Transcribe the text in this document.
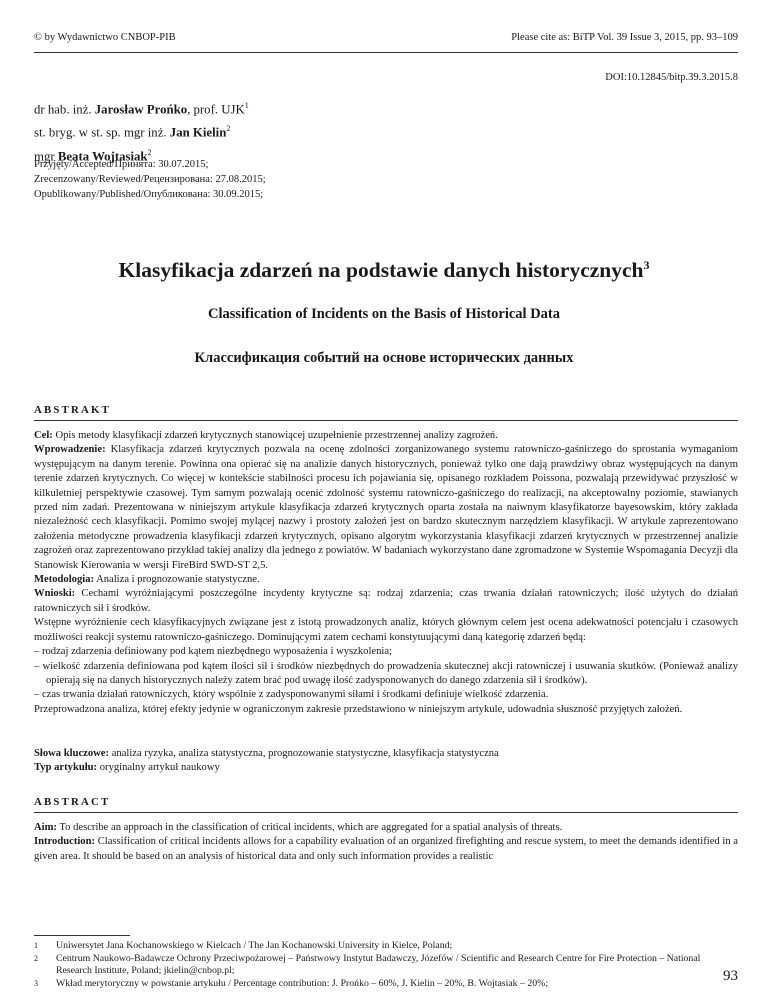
© by Wydawnictwo CNBOP-PIB	Please cite as: BiTP Vol. 39 Issue 3, 2015, pp. 93–109
DOI:10.12845/bitp.39.3.2015.8
dr hab. inż. Jarosław Prońko, prof. UJK$^1$
st. bryg. w st. sp. mgr inż. Jan Kielin$^2$
mgr Beata Wojtasiak$^2$
Przyjęty/Accepted/Принята: 30.07.2015;
Zrecenzowany/Reviewed/Рецензирована: 27.08.2015;
Opublikowany/Published/Опубликована: 30.09.2015;
Klasyfikacja zdarzeń na podstawie danych historycznych$^3$
Classification of Incidents on the Basis of Historical Data
Классификация событий на основе исторических данных
ABSTRAKT

Cel: Opis metody klasyfikacji zdarzeń krytycznych stanowiącej uzupełnienie przestrzennej analizy zagrożeń.

Wprowadzenie: Klasyfikacja zdarzeń krytycznych pozwala na ocenę zdolności zorganizowanego systemu ratowniczo-gaśniczego do sprostania wymaganiom występującym na danym terenie. Powinna ona opierać się na analizie danych historycznych, ponieważ tylko one dają prawdziwy obraz występujących na danym terenie zdarzeń krytycznych. Co więcej w kontekście stabilności procesu ich pojawiania się, opisanego rozkładem Poissona, pozwalają przewidywać przyszłość w kilkuletniej perspektywie czasowej. Tym samym pozwalają ocenić zdolność systemu ratowniczo-gaśniczego do realizacji, na akceptowalny poziomie, stawianych przed nim zadań. Prezentowana w niniejszym artykule klasyfikacja zdarzeń krytycznych oparta została na naiwnym klasyfikatorze bayesowskim, który zakłada niezależność cech klasyfikacji. Pomimo swojej mylącej nazwy i prostoty założeń jest on bardzo skutecznym narzędziem klasyfikacji. W artykule zaprezentowano założenia metodyczne prowadzenia klasyfikacji zdarzeń krytycznych, opisano algorytm wykorzystania klasyfikacji zdarzeń krytycznych w przestrzennej analizie zagrożeń oraz zaprezentowano przykład takiej analizy dla jednego z powiatów. W badaniach wykorzystano dane zgromadzone w Systemie Wspomagania Decyzji dla Stanowisk Kierowania w wersji FireBird SWD-ST 2,5.

Metodologia: Analiza i prognozowanie statystyczne.

Wnioski: Cechami wyróżniającymi poszczególne incydenty krytyczne są: rodzaj zdarzenia; czas trwania działań ratowniczych; ilość użytych do działań ratowniczych sił i środków.

Wstępne wyróżnienie cech klasyfikacyjnych związane jest z istotą prowadzonych analiz, których głównym celem jest ocena adekwatności potencjału i czasowych możliwości reakcji systemu ratowniczo-gaśniczego. Dominującymi zatem cechami konstytuującymi daną kategorię zdarzeń będą:

– rodzaj zdarzenia definiowany pod kątem niezbędnego wyposażenia i wyszkolenia;

– wielkość zdarzenia definiowana pod kątem ilości sił i środków niezbędnych do prowadzenia skutecznej akcji ratowniczej i usuwania skutków. (Ponieważ analizy opierają się na danych historycznych należy zatem brać pod uwagę ilość zadysponowanych do danego zdarzenia sił i środków).

– czas trwania działań ratowniczych, który wspólnie z zadysponowanymi siłami i środkami definiuje wielkość zdarzenia.

Przeprowadzona analiza, której efekty jedynie w ograniczonym zakresie przedstawiono w niniejszym artykule, udowadnia słuszność przyjętych założeń.

Słowa kluczowe: analiza ryzyka, analiza statystyczna, prognozowanie statystyczne, klasyfikacja statystyczna

Typ artykułu: oryginalny artykuł naukowy

ABSTRACT

Aim: To describe an approach in the classification of critical incidents, which are aggregated for a spatial analysis of threats.

Introduction: Classification of critical incidents allows for a capability evaluation of an organized firefighting and rescue system, to meet the demands identified in a given area. It should be based on an analysis of historical data and only such information provides a realistic

1	Uniwersytet Jana Kochanowskiego w Kielcach / The Jan Kochanowski University in Kielce, Poland;
2	Centrum Naukowo-Badawcze Ochrony Przeciwpożarowej – Państwowy Instytut Badawczy, Józefów / Scientific and Research Centre for Fire Protection – National Research Institute, Poland; jkielin@cnbop.pl;
3	Wkład merytoryczny w powstanie artykułu / Percentage contribution: J. Prońko – 60%, J. Kielin – 20%, B. Wojtasiak – 20%;	93
